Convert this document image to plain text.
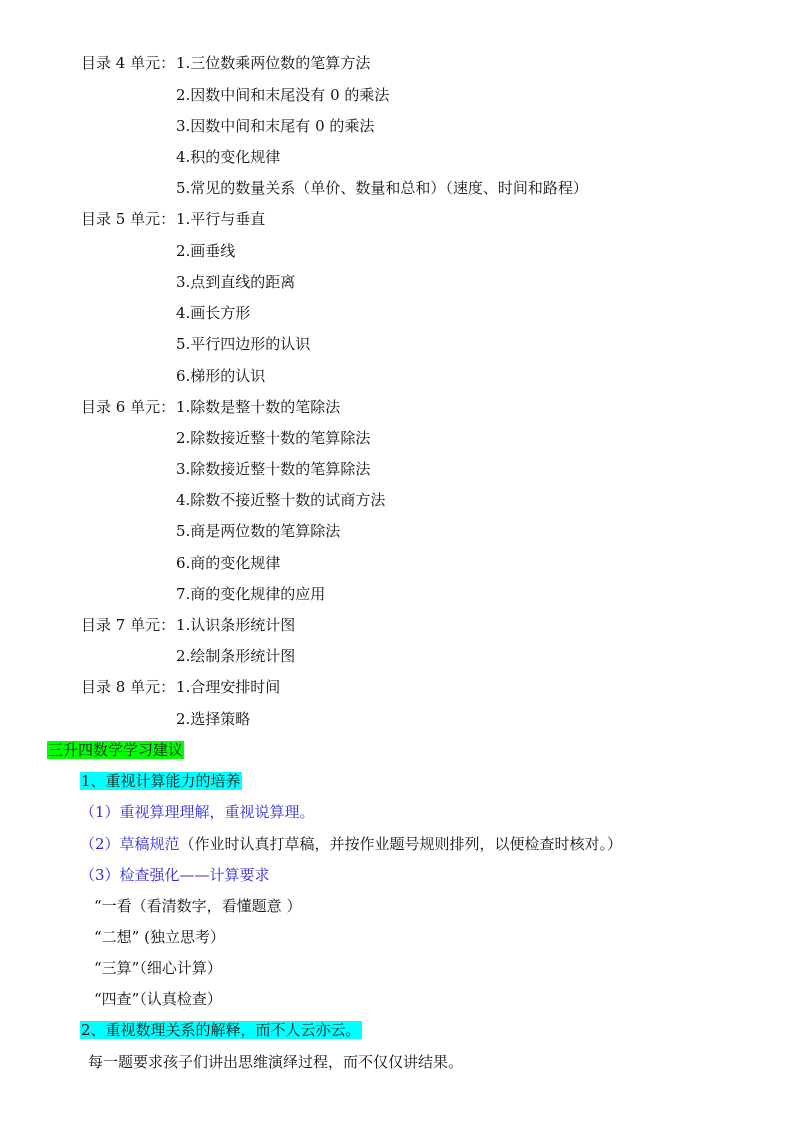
目录 4 单元： 1.三位数乘两位数的笔算方法
2.因数中间和末尾没有 0 的乘法
3.因数中间和末尾有 0 的乘法
4.积的变化规律
5.常见的数量关系（单价、数量和总和）（速度、时间和路程）
目录 5 单元： 1.平行与垂直
2.画垂线
3.点到直线的距离
4.画长方形
5.平行四边形的认识
6.梯形的认识
目录 6 单元： 1.除数是整十数的笔除法
2.除数接近整十数的笔算除法
3.除数接近整十数的笔算除法
4.除数不接近整十数的试商方法
5.商是两位数的笔算除法
6.商的变化规律
7.商的变化规律的应用
目录 7 单元： 1.认识条形统计图
2.绘制条形统计图
目录 8 单元： 1.合理安排时间
2.选择策略
三升四数学学习建议
1、重视计算能力的培养
（1）重视算理理解，重视说算理。
（2）草稿规范（作业时认真打草稿，并按作业题号规则排列，以便检查时核对。）
（3）检查强化——计算要求
“一看（看清数字，看懂题意 ）
“二想” (独立思考）
“三算”（细心计算）
“四查”（认真检查）
2、重视数理关系的解释，而不人云亦云。
每一题要求孩子们讲出思维演绎过程，而不仅仅讲结果。
